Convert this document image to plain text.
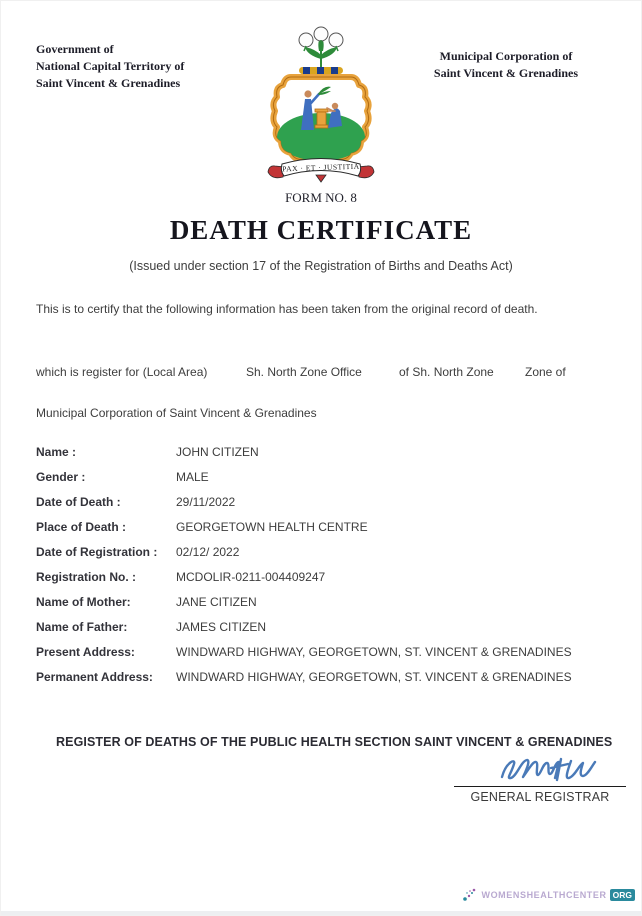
Government of
National Capital Territory of
Saint Vincent & Grenadines
Municipal Corporation of
Saint Vincent & Grenadines
PAX · ET · JUSTITIA
FORM NO. 8
DEATH CERTIFICATE
(Issued under section 17 of the Registration of Births and Deaths Act)
This is to certify that the following information has been taken from the original record of death.
which is register for (Local Area)	Sh. North Zone Office	of Sh. North Zone	Zone of
Municipal Corporation of Saint Vincent & Grenadines
Name :	JOHN CITIZEN
Gender :	MALE
Date of Death :	29/11/2022
Place of Death :	GEORGETOWN HEALTH CENTRE
Date of Registration : 02/12/ 2022
Registration No. :	MCDOLIR-0211-004409247
Name of Mother:	JANE CITIZEN
Name of Father:	JAMES CITIZEN
Present Address:	WINDWARD HIGHWAY, GEORGETOWN, ST. VINCENT & GRENADINES
Permanent Address: WINDWARD HIGHWAY, GEORGETOWN, ST. VINCENT & GRENADINES
REGISTER OF DEATHS OF THE PUBLIC HEALTH SECTION SAINT VINCENT & GRENADINES
GENERAL REGISTRAR
WOMENSHEALTHCENTER ORG
